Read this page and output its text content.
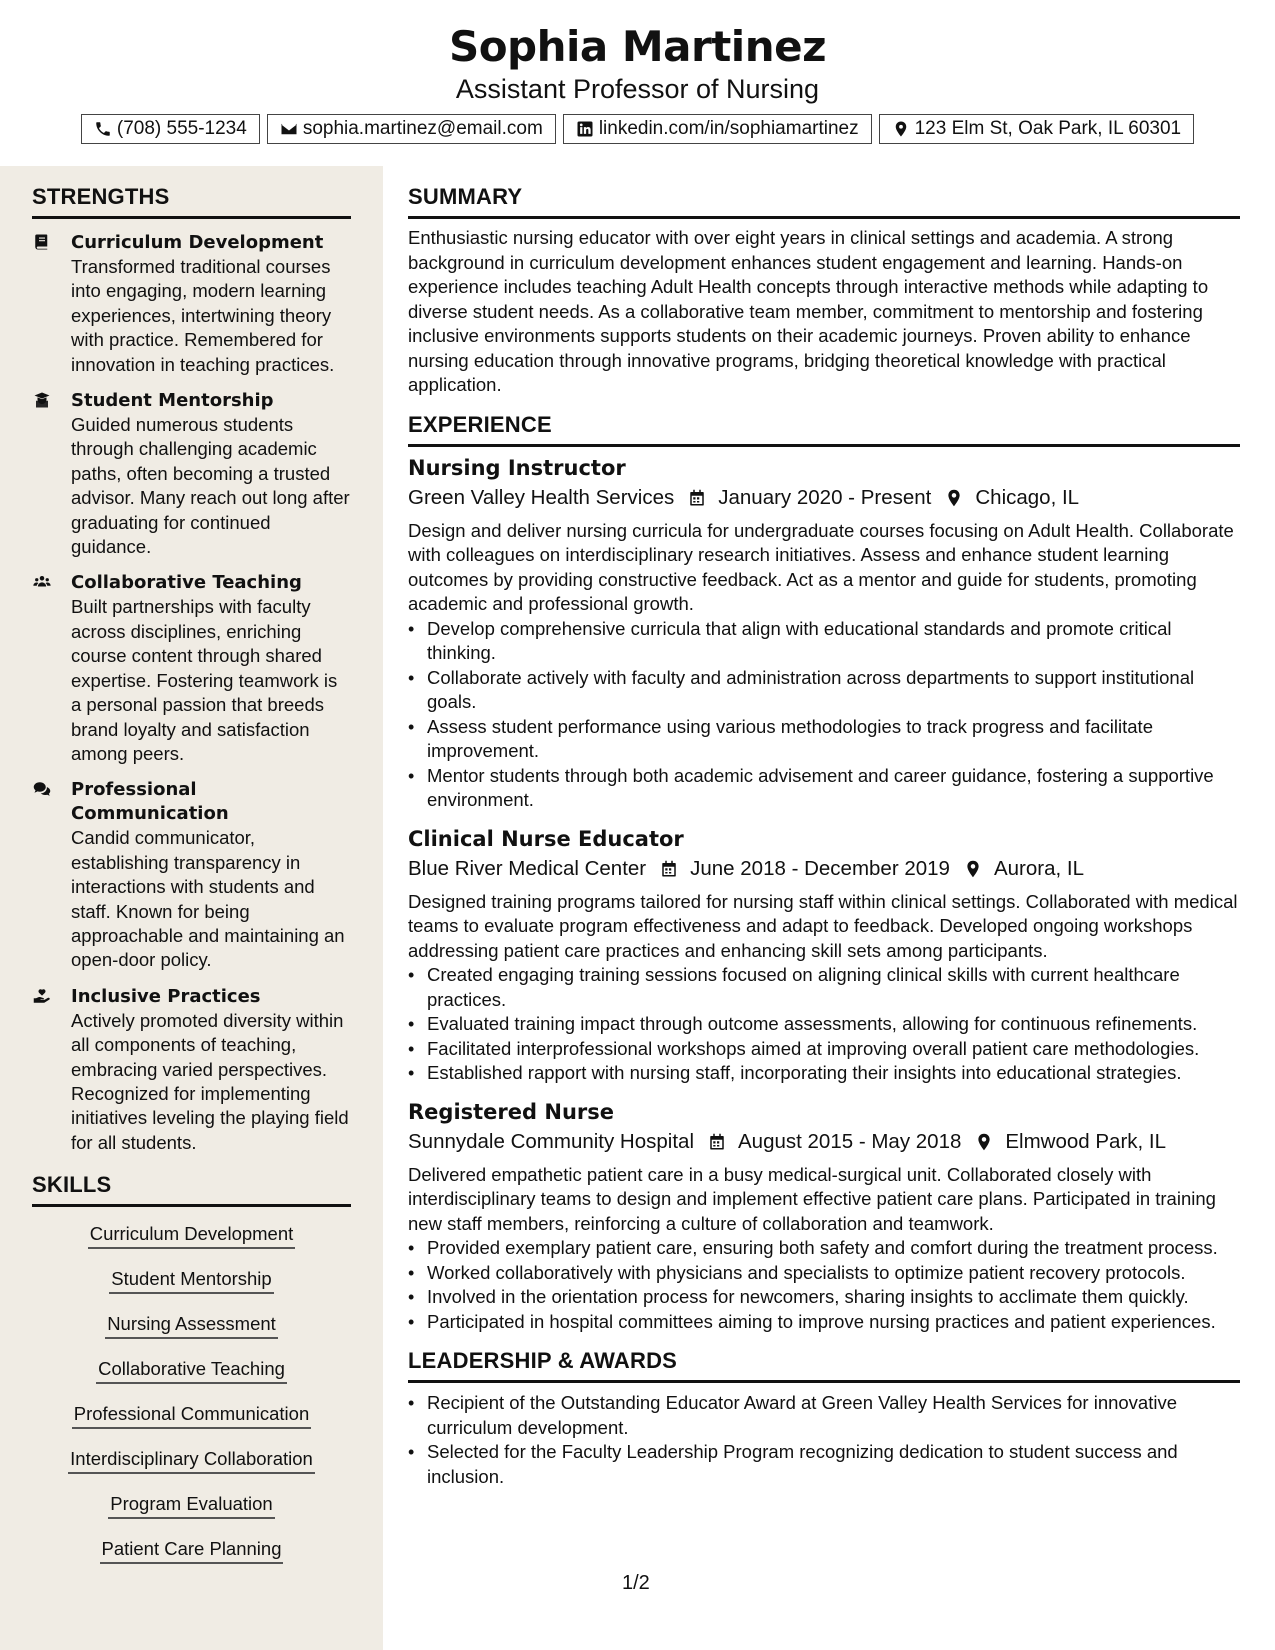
Sophia Martinez
Assistant Professor of Nursing
(708) 555-1234	sophia.martinez@email.com	linkedin.com/in/sophiamartinez	123 Elm St, Oak Park, IL 60301
STRENGTHS
Curriculum Development
Transformed traditional courses into engaging, modern learning experiences, intertwining theory with practice. Remembered for innovation in teaching practices.
Student Mentorship
Guided numerous students through challenging academic paths, often becoming a trusted advisor. Many reach out long after graduating for continued guidance.
Collaborative Teaching
Built partnerships with faculty across disciplines, enriching course content through shared expertise. Fostering teamwork is a personal passion that breeds brand loyalty and satisfaction among peers.
Professional Communication
Candid communicator, establishing transparency in interactions with students and staff. Known for being approachable and maintaining an open-door policy.
Inclusive Practices
Actively promoted diversity within all components of teaching, embracing varied perspectives. Recognized for implementing initiatives leveling the playing field for all students.
SKILLS
Curriculum Development
Student Mentorship
Nursing Assessment
Collaborative Teaching
Professional Communication
Interdisciplinary Collaboration
Program Evaluation
Patient Care Planning
SUMMARY

Enthusiastic nursing educator with over eight years in clinical settings and academia. A strong background in curriculum development enhances student engagement and learning. Hands-on experience includes teaching Adult Health concepts through interactive methods while adapting to diverse student needs. As a collaborative team member, commitment to mentorship and fostering inclusive environments supports students on their academic journeys. Proven ability to enhance nursing education through innovative programs, bridging theoretical knowledge with practical application.

EXPERIENCE
Nursing Instructor
Green Valley Health Services January 2020 - Present Chicago, IL

Design and deliver nursing curricula for undergraduate courses focusing on Adult Health. Collaborate with colleagues on interdisciplinary research initiatives. Assess and enhance student learning outcomes by providing constructive feedback. Act as a mentor and guide for students, promoting academic and professional growth.

• Develop comprehensive curricula that align with educational standards and promote critical thinking.
• Collaborate actively with faculty and administration across departments to support institutional goals.
• Assess student performance using various methodologies to track progress and facilitate improvement.
• Mentor students through both academic advisement and career guidance, fostering a supportive environment.
Clinical Nurse Educator
Blue River Medical Center June 2018 - December 2019 Aurora, IL

Designed training programs tailored for nursing staff within clinical settings. Collaborated with medical teams to evaluate program effectiveness and adapt to feedback. Developed ongoing workshops addressing patient care practices and enhancing skill sets among participants.

• Created engaging training sessions focused on aligning clinical skills with current healthcare practices.
• Evaluated training impact through outcome assessments, allowing for continuous refinements.
• Facilitated interprofessional workshops aimed at improving overall patient care methodologies.
• Established rapport with nursing staff, incorporating their insights into educational strategies.
Registered Nurse
Sunnydale Community Hospital August 2015 - May 2018 Elmwood Park, IL

Delivered empathetic patient care in a busy medical-surgical unit. Collaborated closely with interdisciplinary teams to design and implement effective patient care plans. Participated in training new staff members, reinforcing a culture of collaboration and teamwork.

• Provided exemplary patient care, ensuring both safety and comfort during the treatment process.
• Worked collaboratively with physicians and specialists to optimize patient recovery protocols.
• Involved in the orientation process for newcomers, sharing insights to acclimate them quickly.
• Participated in hospital committees aiming to improve nursing practices and patient experiences.
LEADERSHIP & AWARDS
• Recipient of the Outstanding Educator Award at Green Valley Health Services for innovative curriculum development.
• Selected for the Faculty Leadership Program recognizing dedication to student success and inclusion.
1/2
